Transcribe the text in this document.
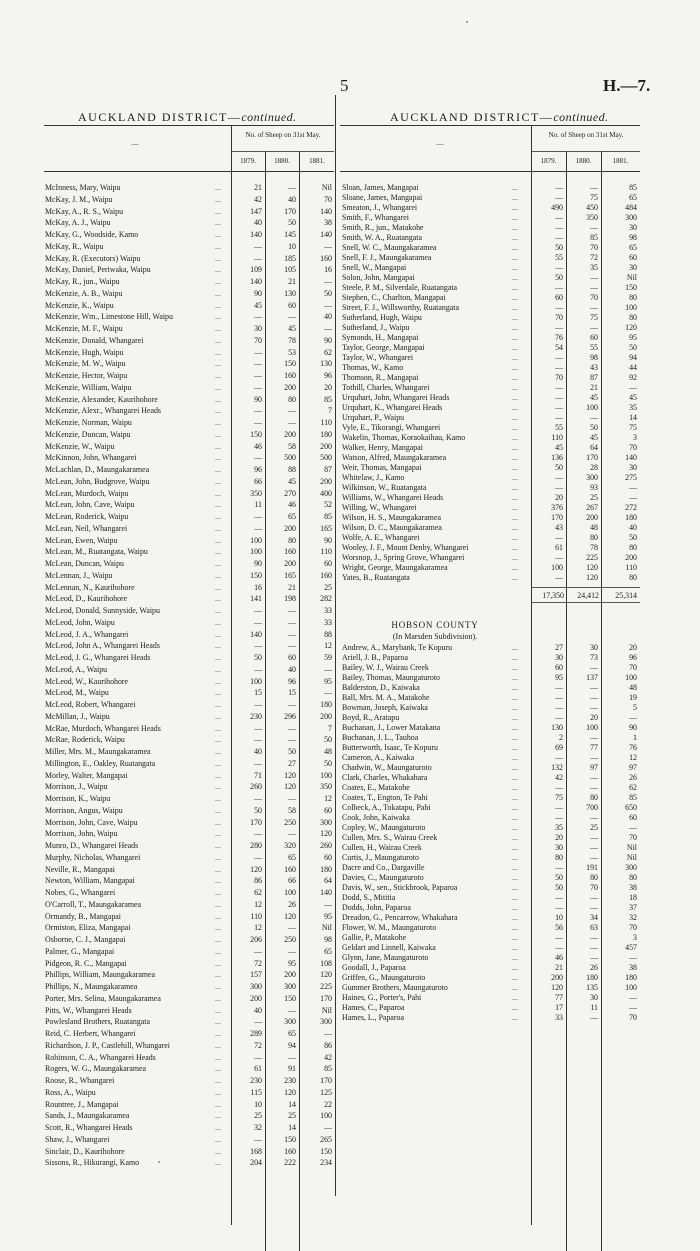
5	H.—7.
AUCKLAND DISTRICT—continued.	AUCKLAND DISTRICT—continued.
—
No. of Sheep on 31st May.
1879.	1880.	1881.
—
No. of Sheep on 31st May.
1879.	1880.	1881.
McInness, Mary, Waipu	...	21	—	Nil
McKay, J. M., Waipu	...	42	40	70
McKay, A., R. S., Waipu	...	147	170	140
McKay, A. J., Waipu	...	40	50	38
McKay, G., Woodside, Kamo	...	140	145	140
McKay, R., Waipu	...	—	10	—
McKay, R. (Executors) Waipu	...	—	185	160
McKay, Daniel, Periwaka, Waipu	...	109	105	16
McKay, R., jun., Waipu	...	140	21	—
McKenzie, A. B., Waipu	...	90	130	50
McKenzie, K., Waipu	...	45	60	—
McKenzie, Wm., Limestone Hill, Waipu	...	—	—	40
McKenzie, M. F., Waipu	...	30	45	—
McKenzie, Donald, Whangarei	...	70	78	90
McKenzie, Hugh, Waipu	...	—	53	62
McKenzie, M. W., Waipu	...	—	150	130
McKenzie, Hector, Waipu	...	—	160	96
McKenzie, William, Waipu	...	—	200	20
McKenzie, Alexander, Kaurihohore	...	90	80	85
McKenzie, Alexr., Whangarei Heads	...	—	—	7
McKenzie, Norman, Waipu	...	—	—	110
McKenzie, Duncan, Waipu	...	150	200	180
McKenzie, W., Waipu	...	46	58	200
McKinnon, John, Whangarei	...	—	500	500
McLachlan, D., Maungakaramea	...	96	88	87
McLean, John, Budgrove, Waipu	...	66	45	200
McLean, Murdoch, Waipu	...	350	270	400
McLean, John, Cave, Waipu	...	11	46	52
McLean, Roderick, Waipu	...	—	65	85
McLean, Neil, Whangarei	...	—	200	165
McLean, Ewen, Waipu	...	100	80	90
McLean, M., Ruatangata, Waipu	...	100	160	110
McLean, Duncan, Waipu	...	90	200	60
McLennan, J., Waipu	...	150	165	160
McLennan, N., Kaurihohore	...	16	21	25
McLeod, D., Kaurihohore	...	141	198	282
McLeod, Donald, Sunnyside, Waipu	...	—	—	33
McLeod, John, Waipu	...	—	—	33
McLeod, J. A., Whangarei	...	140	—	88
McLeod, John A., Whangarei Heads	...	—	—	12
McLeod, J. G., Whangarei Heads	...	50	60	59
McLeod, A., Waipu	...	—	40	—
McLeod, W., Kaurihohore	...	100	96	95
McLeod, M., Waipu	...	15	15	—
McLeod, Robert, Whangarei	...	—	—	180
McMillan, J., Waipu	...	230	296	200
McRae, Murdoch, Whangarei Heads	...	—	—	7
McRae, Roderick, Waipu	...	—	—	50
Miller, Mrs. M., Maungakaramea	...	40	50	48
Millington, E., Oakley, Ruatangata	...	—	27	50
Morley, Walter, Mangapai	...	71	120	100
Morrison, J., Waipu	...	260	120	350
Morrison, K., Waipu	...	—	—	12
Morrison, Angus, Waipu	...	50	58	60
Morrison, John, Cave, Waipu	...	170	250	300
Morrison, John, Waipu	...	—	—	120
Munro, D., Whangarei Heads	...	280	320	260
Murphy, Nicholas, Whangarei	...	—	65	60
Neville, R., Mangapai	...	120	160	180
Newton, William, Mangapai	...	86	66	64
Nobes, G., Whangarei	...	62	100	140
O'Carroll, T., Maungakaramea	...	12	26	—
Ormandy, B., Mangapai	...	110	120	95
Ormiston, Eliza, Mangapai	...	12	—	Nil
Osborne, C. J., Mangapai	...	206	250	98
Palmer, G., Mangapai	...	—	—	65
Pidgeon, R. C., Mangapai	...	72	95	108
Phillips, William, Maungakaramea	...	157	200	120
Phillips, N., Maungakaramea	...	300	300	225
Porter, Mrs. Selina, Maungakaramea	...	200	150	170
Pitts, W., Whangarei Heads	...	40	—	Nil
Powlesland Brothers, Ruatangata	...	—	300	300
Reid, C. Herbert, Whangarei	...	289	65	—
Richardson, J. P., Castlehill, Whangarei	...	72	94	86
Robinson, C. A., Whangarei Heads	...	—	—	42
Rogers, W. G., Maungakaramea	...	61	91	85
Roose, R., Whangarei	...	230	230	170
Ross, A., Waipu	...	115	120	125
Rountree, J., Mangapai	...	10	14	22
Sands, J., Maungakaramea	...	25	25	100
Scott, R., Whangarei Heads	...	32	14	—
Shaw, J., Whangarei	...	—	150	265
Sinclair, D., Kaurihohore	...	168	160	150
Sissons, R., Hikurangi, Kamo	...	204	222	234
Sloan, James, Mangapai	...	—	—	85
Sloane, James, Mangapai	...	—	75	65
Smeaton, J., Whangarei	...	490	450	484
Smith, F., Whangarei	...	—	350	300
Smith, R., jun., Matakohe	...	—	—	30
Smith, W. A., Ruatangata	...	—	85	98
Snell, W. C., Maungakaramea	...	50	70	65
Snell, F. J., Maungakaramea	...	55	72	60
Snell, W., Mangapai	...	—	35	30
Solon, John, Mangapai	...	50	—	Nil
Steele, P. M., Silverdale, Ruatangata	...	—	—	150
Stephen, C., Charlton, Mangapai	...	60	70	80
Street, F. J., Willsworthy, Ruatangata	...	—	—	100
Sutherland, Hugh, Waipu	...	70	75	80
Sutherland, J., Waipu	...	—	—	120
Symonds, H., Mangapai	...	76	60	95
Taylor, George, Mangapai	...	54	55	50
Taylor, W., Whangarei	...	—	98	94
Thomas, W., Kamo	...	—	43	44
Thomson, R., Mangapai	...	70	87	92
Tothill, Charles, Whangarei	...	—	21	—
Urquhart, John, Whangarei Heads	...	—	45	45
Urquhart, K., Whangarei Heads	...	—	100	35
Urquhart, P., Waipu	...	—	—	14
Vyle, E., Tikorangi, Whangarei	...	55	50	75
Wakelin, Thomas, Koraokaihau, Kamo	...	110	45	3
Walker, Henry, Mangapai	...	45	64	70
Watson, Alfred, Maungakaramea	...	136	170	140
Weir, Thomas, Mangapai	...	50	28	30
Whitelaw, J., Kamo	...	—	300	275
Wilkinson, W., Ruatangata	...	—	93	—
Williams, W., Whangarei Heads	...	20	25	—
Willing, W., Whangarei	...	376	267	272
Wilson, H. S., Maungakaramea	...	170	200	180
Wilson, D. C., Maungakaramea	...	43	48	40
Wolfe, A. E., Whangarei	...	—	80	50
Wooley, J. F., Mount Denby, Whangarei	...	61	78	80
Worsnop, J., Spring Grove, Whangarei	...	—	225	200
Wright, George, Maungakaramea	...	100	120	110
Yates, B., Ruatangata	...	—	120	80
Andrew, A., Marybank, Te Kopuru	...	27	30	20
Ariell, J. B., Paparoa	...	30	73	96
Bailey, W. J., Wairau Creek	...	60	—	70
Bailey, Thomas, Maungaturoto	...	95	137	100
Balderston, D., Kaiwaka	...	—	—	48
Ball, Mrs. M. A., Matakohe	...	—	—	19
Bowman, Joseph, Kaiwaka	...	—	—	5
Boyd, R., Aratapu	...	—	20	—
Buchanan, J., Lower Matakana	...	130	100	90
Buchanan, J. L., Tauhoa	...	2	—	1
Butterworth, Isaac, Te Kopuru	...	69	77	76
Cameron, A., Kaiwaka	...	—	—	12
Chadwin, W., Maungaturoto	...	132	97	97
Clark, Charles, Whakahara	...	42	—	26
Coates, E., Matakohe	...	—	—	62
Coates, T., Engton, Te Pahi	...	75	80	85
Colbeck, A., Tokatapu, Pahi	...	—	700	650
Cook, John, Kaiwaka	...	—	—	60
Copley, W., Maungaturoto	...	35	25	—
Cullen, Mrs. S., Wairau Creek	...	20	—	70
Cullen, H., Wairau Creek	...	30	—	Nil
Curtis, J., Maungaturoto	...	80	—	Nil
Dacre and Co., Dargaville	...	—	191	300
Davies, C., Maungaturoto	...	50	80	80
Davis, W., sen., Stickbrook, Paparoa	...	50	70	38
Dodd, S., Mititia	...	—	—	18
Dodds, John, Paparoa	...	—	—	37
Dreadon, G., Pencarrow, Whakahara	...	10	34	32
Flower, W. M., Maungaturoto	...	56	63	70
Gallie, P., Matakohe	...	—	—	3
Geldart and Linnell, Kaiwaka	...	—	—	457
Glynn, Jane, Maungaturoto	...	46	—	—
Goodall, J., Paparoa	...	21	26	38
Griffen, G., Maungaturoto	...	200	180	180
Gummer Brothers, Maungaturoto	...	120	135	100
Haines, G., Porter's, Pahi	...	77	30	—
Hames, C., Paparoa	...	17	11	—
Hames, L., Paparoa	...	33	—	70
17,350	24,412	25,314
HOBSON COUNTY
(In Marsden Subdivision).
